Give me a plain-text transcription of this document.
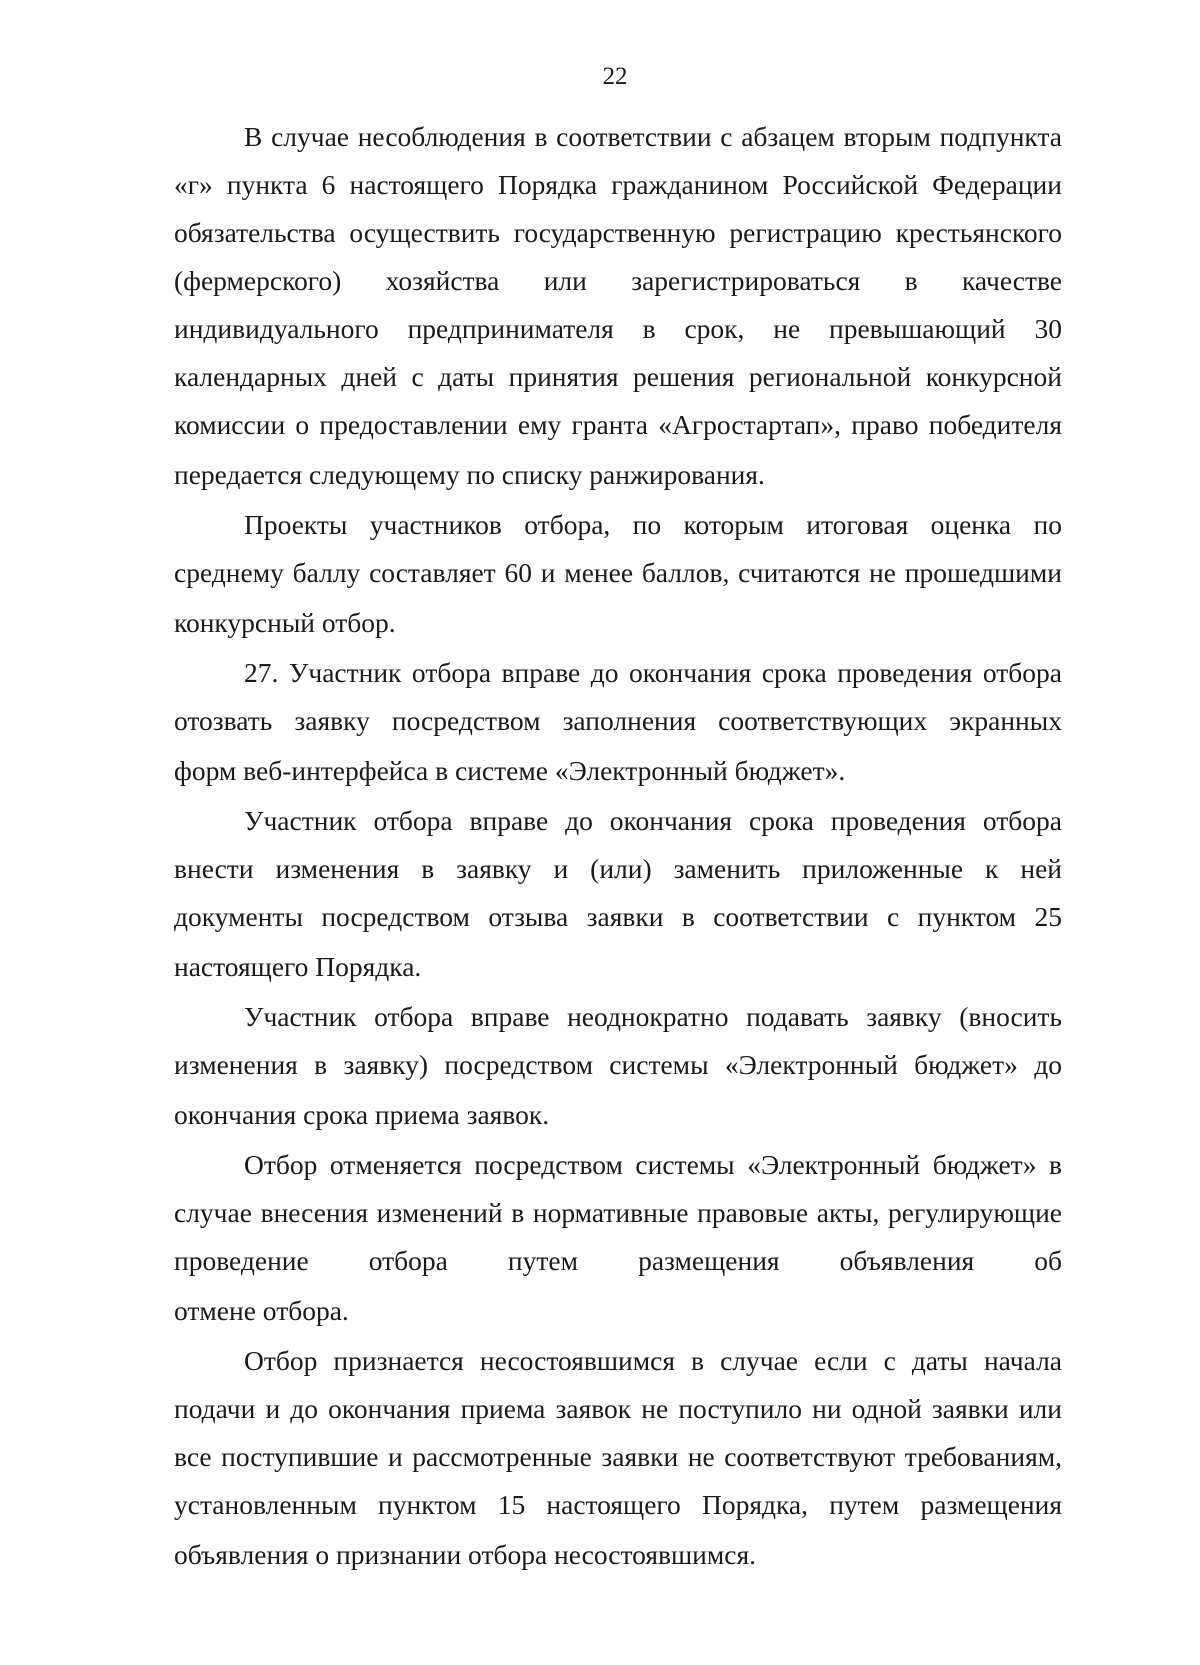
22

В случае несоблюдения в соответствии с абзацем вторым подпункта «г» пункта 6 настоящего Порядка гражданином Российской Федерации обязательства осуществить государственную регистрацию крестьянского (фермерского) хозяйства или зарегистрироваться в качестве индивидуального предпринимателя в срок, не превышающий 30 календарных дней с даты принятия решения региональной конкурсной комиссии о предоставлении ему гранта «Агростартап», право победителя

передается следующему по списку ранжирования.

Проекты участников отбора, по которым итоговая оценка по среднему баллу составляет 60 и менее баллов, считаются не прошедшими

конкурсный отбор.

27. Участник отбора вправе до окончания срока проведения отбора отозвать заявку посредством заполнения соответствующих экранных

форм веб-интерфейса в системе «Электронный бюджет».

Участник отбора вправе до окончания срока проведения отбора внести изменения в заявку и (или) заменить приложенные к ней документы посредством отзыва заявки в соответствии с пунктом 25

настоящего Порядка.

Участник отбора вправе неоднократно подавать заявку (вносить изменения в заявку) посредством системы «Электронный бюджет» до

окончания срока приема заявок.

Отбор отменяется посредством системы «Электронный бюджет» в случае внесения изменений в нормативные правовые акты, регулирующие проведение отбора путем размещения объявления об

отмене отбора.

Отбор признается несостоявшимся в случае если с даты начала подачи и до окончания приема заявок не поступило ни одной заявки или все поступившие и рассмотренные заявки не соответствуют требованиям, установленным пунктом 15 настоящего Порядка, путем размещения

объявления о признании отбора несостоявшимся.
